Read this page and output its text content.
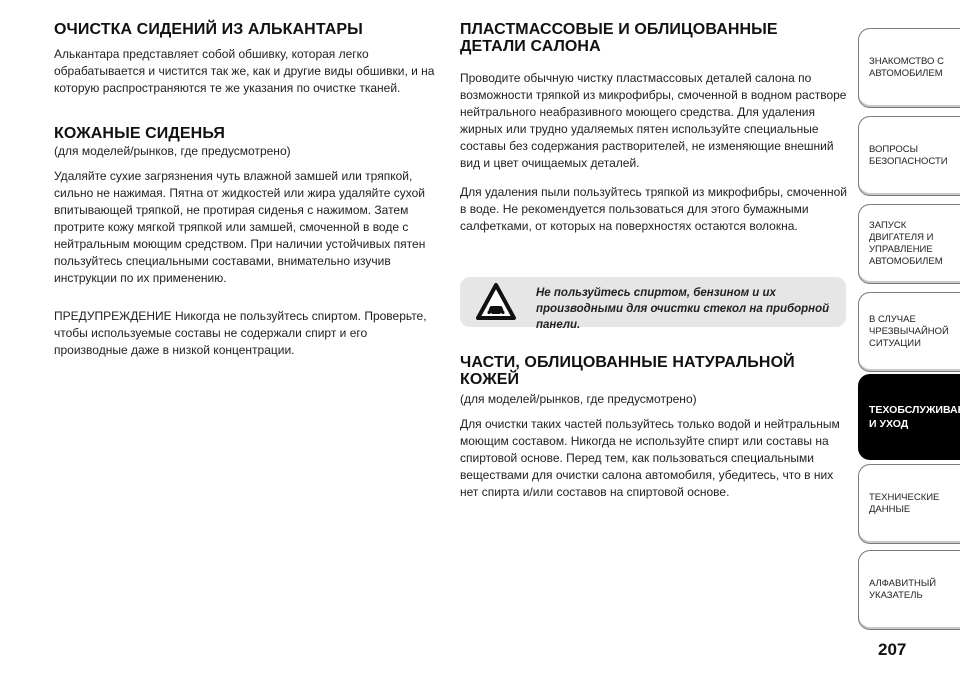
ОЧИСТКА СИДЕНИЙ ИЗ АЛЬКАНТАРЫ

Алькантара представляет собой обшивку, которая легко обрабатывается и чистится так же, как и другие виды обшивки, и на которую распространяются те же указания по очистке тканей.

КОЖАНЫЕ СИДЕНЬЯ
(для моделей/рынков, где предусмотрено)

Удаляйте сухие загрязнения чуть влажной замшей или тряпкой, сильно не нажимая. Пятна от жидкостей или жира удаляйте сухой впитывающей тряпкой, не протирая сиденья с нажимом. Затем протрите кожу мягкой тряпкой или замшей, смоченной в воде с нейтральным моющим средством. При наличии устойчивых пятен пользуйтесь специальными составами, внимательно изучив инструкции по их применению.

ПРЕДУПРЕЖДЕНИЕ Никогда не пользуйтесь спиртом. Проверьте, чтобы используемые составы не содержали спирт и его производные даже в низкой концентрации.

ПЛАСТМАССОВЫЕ И ОБЛИЦОВАННЫЕ ДЕТАЛИ САЛОНА

Проводите обычную чистку пластмассовых деталей салона по возможности тряпкой из микрофибры, смоченной в водном растворе нейтрального неабразивного моющего средства. Для удаления жирных или трудно удаляемых пятен используйте специальные составы без содержания растворителей, не изменяющие внешний вид и цвет очищаемых деталей.

Для удаления пыли пользуйтесь тряпкой из микрофибры, смоченной в воде. Не рекомендуется пользоваться для этого бумажными салфетками, от которых на поверхностях остаются волокна.

ЧАСТИ, ОБЛИЦОВАННЫЕ НАТУРАЛЬНОЙ КОЖЕЙ
(для моделей/рынков, где предусмотрено)

Для очистки таких частей пользуйтесь только водой и нейтральным моющим составом. Никогда не используйте спирт или составы на спиртовой основе. Перед тем, как пользоваться специальными веществами для очистки салона автомобиля, убедитесь, что в них нет спирта и/или составов на спиртовой основе.

Не пользуйтесь спиртом, бензином и их производными для очистки стекол на приборной панели.
ЗНАКОМСТВО С АВТОМОБИЛЕМ
ВОПРОСЫ БЕЗОПАСНОСТИ
ЗАПУСК ДВИГАТЕЛЯ И УПРАВЛЕНИЕ АВТОМОБИЛЕМ
В СЛУЧАЕ ЧРЕЗВЫЧАЙНОЙ СИТУАЦИИ
ТЕХОБСЛУЖИВАНИЕ И УХОД
ТЕХНИЧЕСКИЕ ДАННЫЕ
АЛФАВИТНЫЙ УКАЗАТЕЛЬ
207
